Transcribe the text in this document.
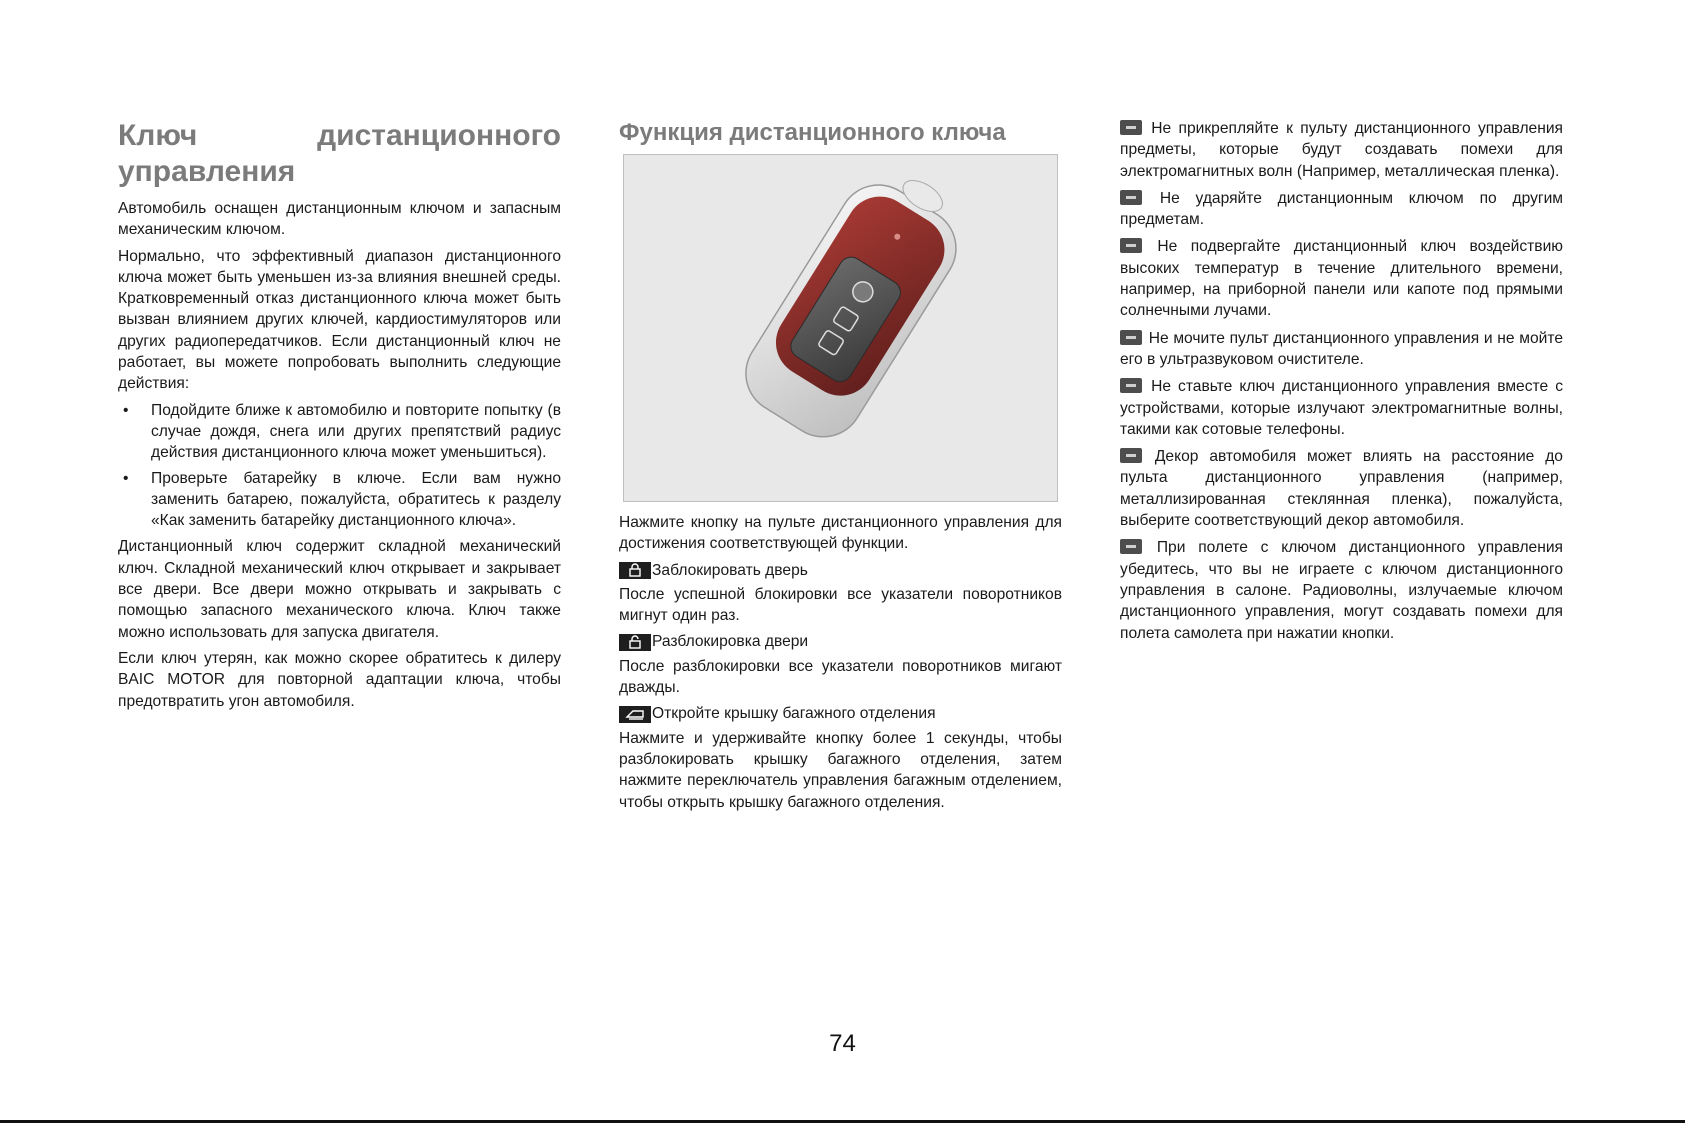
Ключ дистанционного управления

Автомобиль оснащен дистанционным ключом и запасным механическим ключом.

Нормально, что эффективный диапазон дистанционного ключа может быть уменьшен из-за влияния внешней среды. Кратковременный отказ дистанционного ключа может быть вызван влиянием других ключей, кардиостимуляторов или других радиопередатчиков. Если дистанционный ключ не работает, вы можете попробовать выполнить следующие действия:

• Подойдите ближе к автомобилю и повторите попытку (в случае дождя, снега или других препятствий радиус действия дистанционного ключа может уменьшиться).
• Проверьте батарейку в ключе. Если вам нужно заменить батарею, пожалуйста, обратитесь к разделу «Как заменить батарейку дистанционного ключа».

Дистанционный ключ содержит складной механический ключ. Складной механический ключ открывает и закрывает все двери. Все двери можно открывать и закрывать с помощью запасного механического ключа. Ключ также можно использовать для запуска двигателя.

Если ключ утерян, как можно скорее обратитесь к дилеру BAIC MOTOR для повторной адаптации ключа, чтобы предотвратить угон автомобиля.

Функция дистанционного ключа

Нажмите кнопку на пульте дистанционного управления для достижения соответствующей функции.

Заблокировать дверь

После успешной блокировки все указатели поворотников мигнут один раз.

Разблокировка двери

После разблокировки все указатели поворотников мигают дважды.

Откройте крышку багажного отделения

Нажмите и удерживайте кнопку более 1 секунды, чтобы разблокировать крышку багажного отделения, затем нажмите переключатель управления багажным отделением, чтобы открыть крышку багажного отделения.

Не прикрепляйте к пульту дистанционного управления предметы, которые будут создавать помехи для электромагнитных волн (Например, металлическая пленка).

Не ударяйте дистанционным ключом по другим предметам.

Не подвергайте дистанционный ключ воздействию высоких температур в течение длительного времени, например, на приборной панели или капоте под прямыми солнечными лучами.

Не мочите пульт дистанционного управления и не мойте его в ультразвуковом очистителе.

Не ставьте ключ дистанционного управления вместе с устройствами, которые излучают электромагнитные волны, такими как сотовые телефоны.

Декор автомобиля может влиять на расстояние до пульта дистанционного управления (например, металлизированная стеклянная пленка), пожалуйста, выберите соответствующий декор автомобиля.

При полете с ключом дистанционного управления убедитесь, что вы не играете с ключом дистанционного управления в салоне. Радиоволны, излучаемые ключом дистанционного управления, могут создавать помехи для полета самолета при нажатии кнопки.

74
